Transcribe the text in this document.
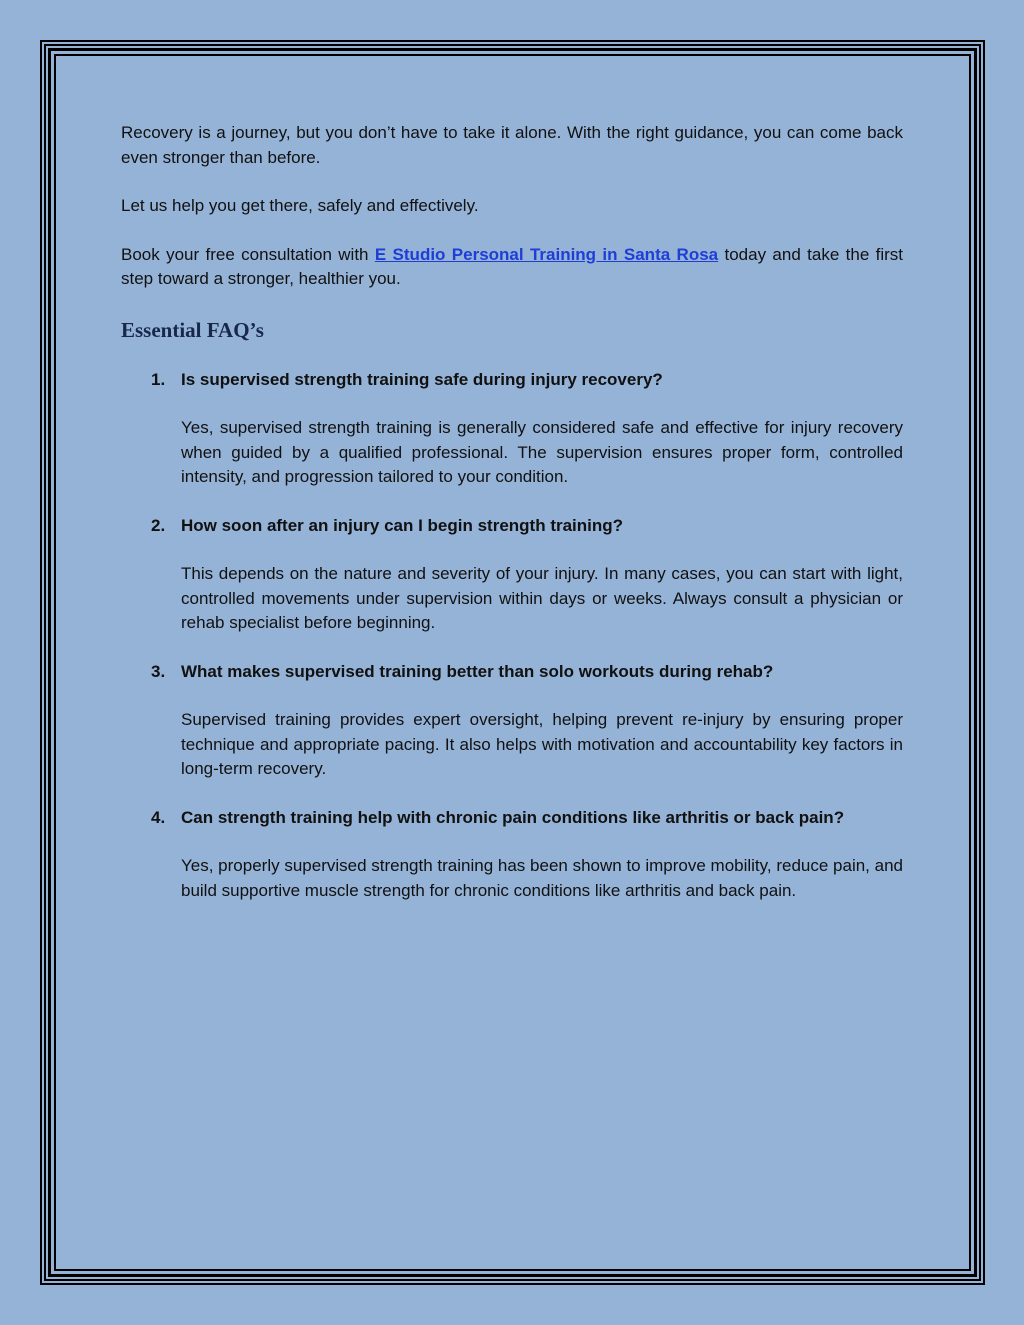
Recovery is a journey, but you don’t have to take it alone. With the right guidance, you can come back even stronger than before.

Let us help you get there, safely and effectively.

Book your free consultation with E Studio Personal Training in Santa Rosa today and take the first step toward a stronger, healthier you.

Essential FAQ’s
1. Is supervised strength training safe during injury recovery?

Yes, supervised strength training is generally considered safe and effective for injury recovery when guided by a qualified professional. The supervision ensures proper form, controlled intensity, and progression tailored to your condition.

2. How soon after an injury can I begin strength training?

This depends on the nature and severity of your injury. In many cases, you can start with light, controlled movements under supervision within days or weeks. Always consult a physician or rehab specialist before beginning.

3. What makes supervised training better than solo workouts during rehab?

Supervised training provides expert oversight, helping prevent re-injury by ensuring proper technique and appropriate pacing. It also helps with motivation and accountability key factors in long-term recovery.

4. Can strength training help with chronic pain conditions like arthritis or back pain?

Yes, properly supervised strength training has been shown to improve mobility, reduce pain, and build supportive muscle strength for chronic conditions like arthritis and back pain.
